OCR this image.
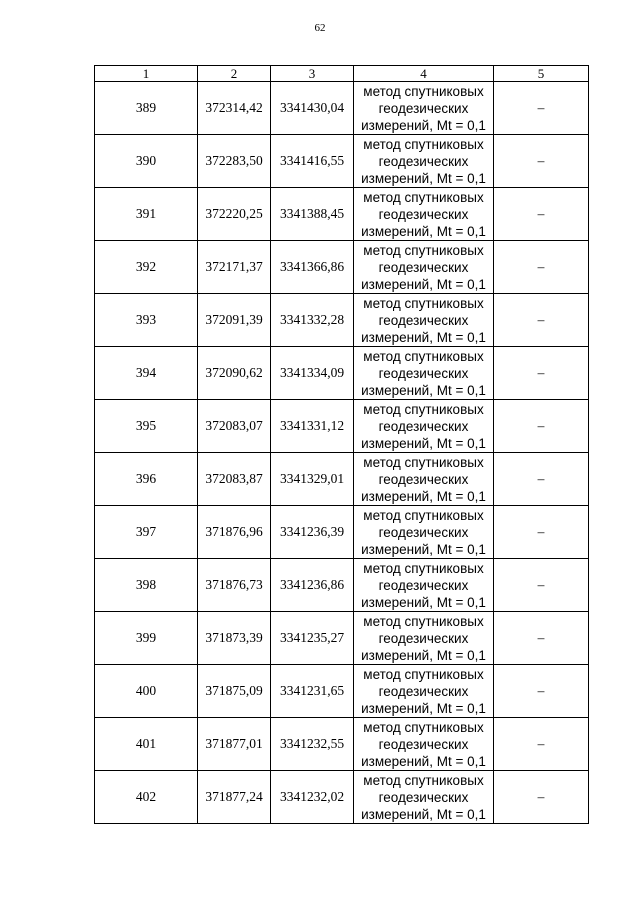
62
1	2	3	4	5
389	372314,42	3341430,04	метод спутниковых геодезических измерений, Mt = 0,1	–
390	372283,50	3341416,55	метод спутниковых геодезических измерений, Mt = 0,1	–
391	372220,25	3341388,45	метод спутниковых геодезических измерений, Mt = 0,1	–
392	372171,37	3341366,86	метод спутниковых геодезических измерений, Mt = 0,1	–
393	372091,39	3341332,28	метод спутниковых геодезических измерений, Mt = 0,1	–
394	372090,62	3341334,09	метод спутниковых геодезических измерений, Mt = 0,1	–
395	372083,07	3341331,12	метод спутниковых геодезических измерений, Mt = 0,1	–
396	372083,87	3341329,01	метод спутниковых геодезических измерений, Mt = 0,1	–
397	371876,96	3341236,39	метод спутниковых геодезических измерений, Mt = 0,1	–
398	371876,73	3341236,86	метод спутниковых геодезических измерений, Mt = 0,1	–
399	371873,39	3341235,27	метод спутниковых геодезических измерений, Mt = 0,1	–
400	371875,09	3341231,65	метод спутниковых геодезических измерений, Mt = 0,1	–
401	371877,01	3341232,55	метод спутниковых геодезических измерений, Mt = 0,1	–
402	371877,24	3341232,02	метод спутниковых геодезических измерений, Mt = 0,1	–
